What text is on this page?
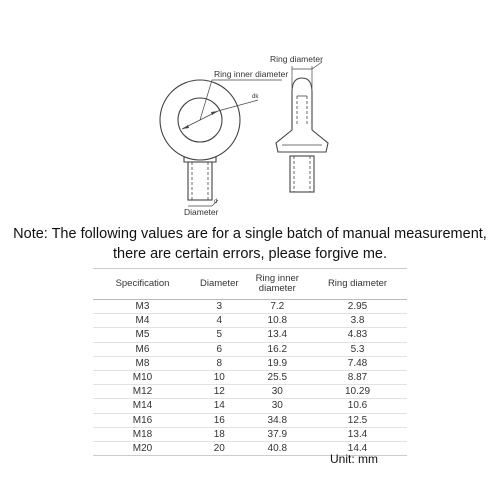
Ring inner diameter
dk
d
Diameter
Ring diameter
Note: The following values are for a single batch of manual measurement,
there are certain errors, please forgive me.
Specification	Diameter	Ring inner diameter	Ring diameter
M3	3	7.2	2.95
M4	4	10.8	3.8
M5	5	13.4	4.83
M6	6	16.2	5.3
M8	8	19.9	7.48
M10	10	25.5	8.87
M12	12	30	10.29
M14	14	30	10.6
M16	16	34.8	12.5
M18	18	37.9	13.4
M20	20	40.8	14.4
Unit: mm
